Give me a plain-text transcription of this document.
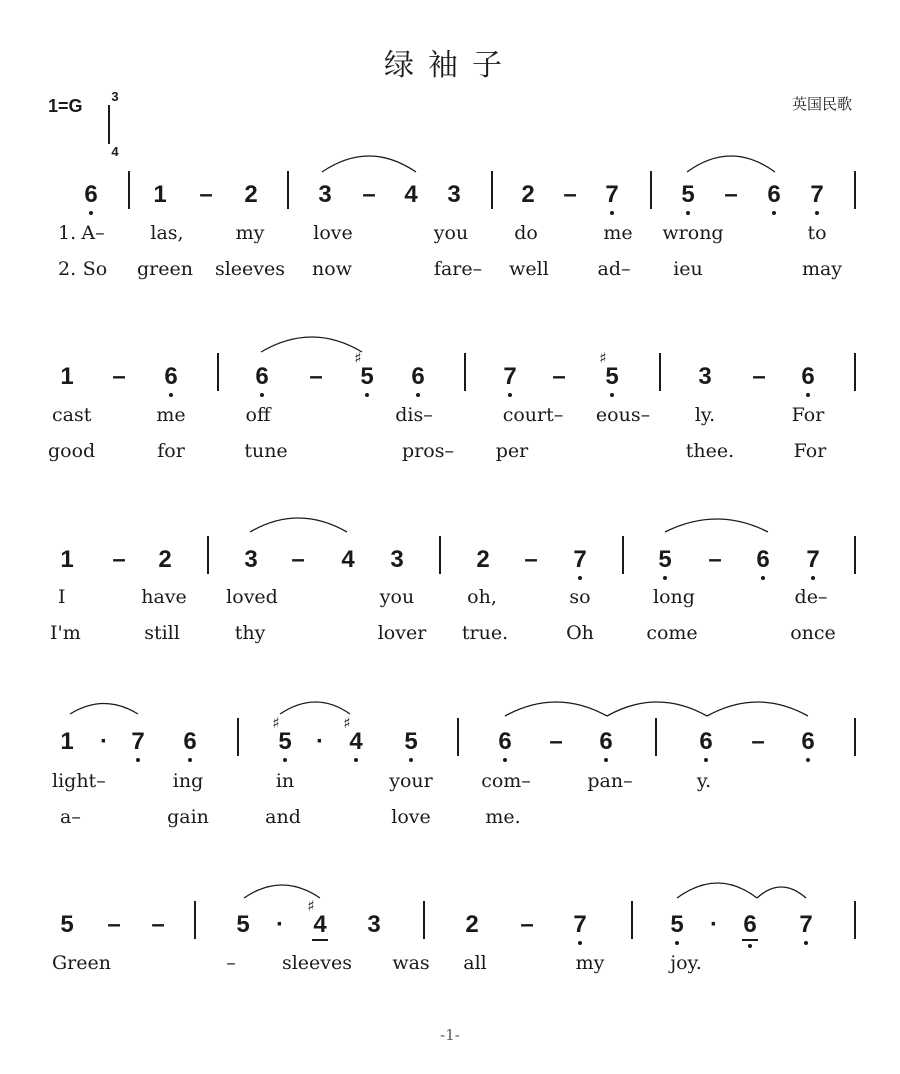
绿袖子
1=G 3
4
英国民歌
6 1 – 2	3 – 4 3	2 – 7	5 – 6 7
1. A– las,	my	love	you do	me wrong	to
2. So green sleeves now	fare– well	ad– ieu	may
1 – 6	6 – 5
♯
6	7 – 5
♯
3 – 6
cast	me	off	dis–	court– eous– ly.	For
good	for	tune	pros– per	thee.	For
1 – 2	3 – 4 3	2 – 7	5 – 6 7
I	have loved	you	oh,	so	long	de–
I'm	still	thy	lover true.	Oh	come	once
1 · 7 6	5
♯
· 4
♯
5	6 – 6	6 – 6
light–	ing	in	your	com–	pan–	y.
a–	gain	and	love	me.
5 – –	5 · 4
♯
3	2 – 7	5 · 6 7
Green	– sleeves was all	my	joy.
-1-
